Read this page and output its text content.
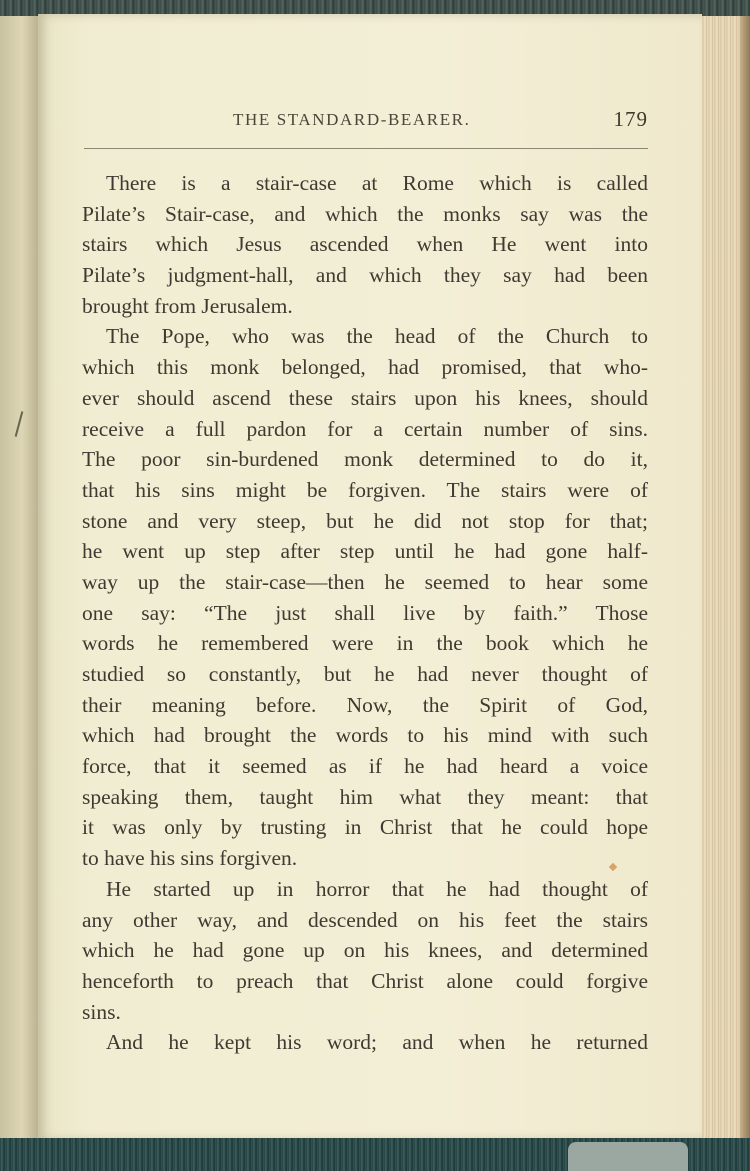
THE STANDARD-BEARER.	179
There is a stair-case at Rome which is called
Pilate’s Stair-case, and which the monks say was the
stairs which Jesus ascended when He went into
Pilate’s judgment-hall, and which they say had been
brought from Jerusalem.
The Pope, who was the head of the Church to
which this monk belonged, had promised, that who-
ever should ascend these stairs upon his knees, should
receive a full pardon for a certain number of sins.
The poor sin-burdened monk determined to do it,
that his sins might be forgiven. The stairs were of
stone and very steep, but he did not stop for that;
he went up step after step until he had gone half-
way up the stair-case—then he seemed to hear some
one say: “The just shall live by faith.” Those
words he remembered were in the book which he
studied so constantly, but he had never thought of
their meaning before. Now, the Spirit of God,
which had brought the words to his mind with such
force, that it seemed as if he had heard a voice
speaking them, taught him what they meant: that
it was only by trusting in Christ that he could hope
to have his sins forgiven.
He started up in horror that he had thought of
any other way, and descended on his feet the stairs
which he had gone up on his knees, and determined
henceforth to preach that Christ alone could forgive
sins.
And he kept his word; and when he returned
